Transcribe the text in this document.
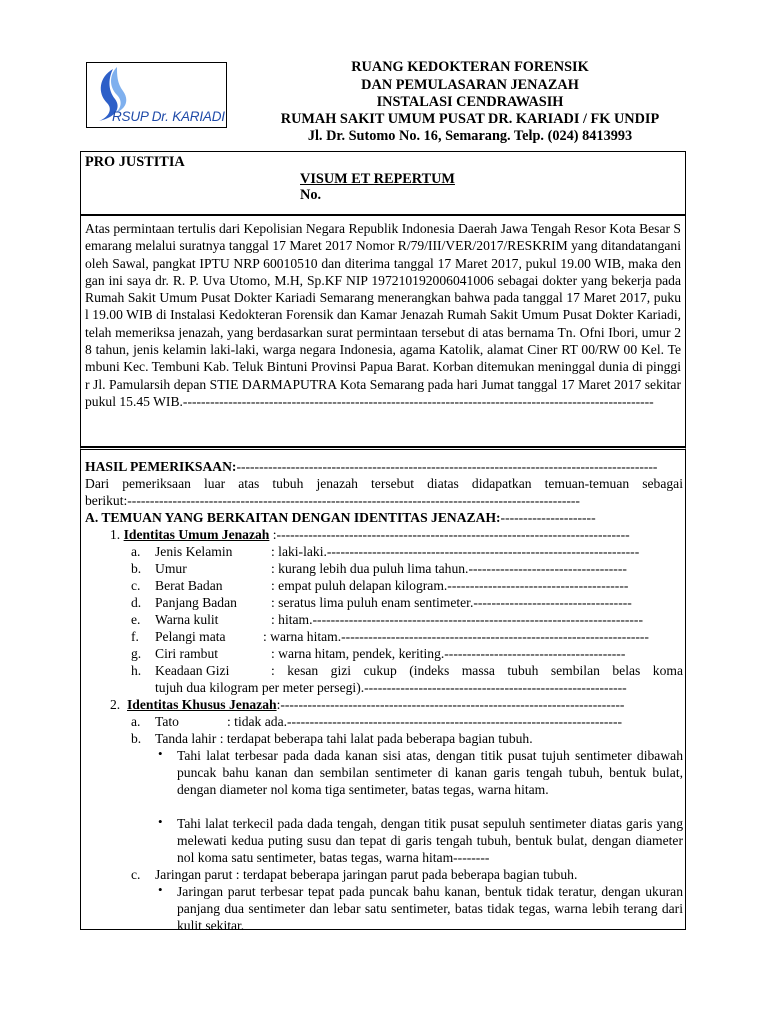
RSUP Dr. KARIADI
RUANG KEDOKTERAN FORENSIK
DAN PEMULASARAN JENAZAH
INSTALASI CENDRAWASIH
RUMAH SAKIT UMUM PUSAT DR. KARIADI / FK UNDIP
Jl. Dr. Sutomo No. 16, Semarang. Telp. (024) 8413993
PRO JUSTITIA
VISUM ET REPERTUM
No.
Atas permintaan tertulis dari Kepolisian Negara Republik Indonesia Daerah Jawa Tengah Resor Kota Besar Semarang melalui suratnya tanggal 17 Maret 2017 Nomor R/79/III/VER/2017/RESKRIM yang ditandatangani oleh Sawal, pangkat IPTU NRP 60010510 dan diterima tanggal 17 Maret 2017, pukul 19.00 WIB, maka dengan ini saya dr. R. P. Uva Utomo, M.H, Sp.KF NIP 197210192006041006 sebagai dokter yang bekerja pada Rumah Sakit Umum Pusat Dokter Kariadi Semarang menerangkan bahwa pada tanggal 17 Maret 2017, pukul 19.00 WIB di Instalasi Kedokteran Forensik dan Kamar Jenazah Rumah Sakit Umum Pusat Dokter Kariadi, telah memeriksa jenazah, yang berdasarkan surat permintaan tersebut di atas bernama Tn. Ofni Ibori, umur 28 tahun, jenis kelamin laki-laki, warga negara Indonesia, agama Katolik, alamat Ciner RT 00/RW 00 Kel. Tembuni Kec. Tembuni Kab. Teluk Bintuni Provinsi Papua Barat. Korban ditemukan meninggal dunia di pinggir Jl. Pamularsih depan STIE DARMAPUTRA Kota Semarang pada hari Jumat tanggal 17 Maret 2017 sekitar pukul 15.45 WIB.--------------------------------------------------------------------------------------------------------
HASIL PEMERIKSAAN:---------------------------------------------------------------------------------------------
Dari pemeriksaan luar atas tubuh jenazah tersebut diatas didapatkan temuan-temuan sebagai
berikut:----------------------------------------------------------------------------------------------------
A. TEMUAN YANG BERKAITAN DENGAN IDENTITAS JENAZAH:---------------------
1. Identitas Umum Jenazah :------------------------------------------------------------------------------
a. Jenis Kelamin	: laki-laki.---------------------------------------------------------------------

b. Umur	: kurang lebih dua puluh lima tahun.-----------------------------------

c. Berat Badan	: empat puluh delapan kilogram.----------------------------------------

d. Panjang Badan	: seratus lima puluh enam sentimeter.-----------------------------------

e. Warna kulit	: hitam.-------------------------------------------------------------------------

f. Pelangi mata	: warna hitam.--------------------------------------------------------------------

g. Ciri rambut	: warna hitam, pendek, keriting.----------------------------------------

h. Keadaan Gizi	: kesan gizi cukup (indeks massa tubuh sembilan belas koma

tujuh dua kilogram per meter persegi).----------------------------------------------------------
2. Identitas Khusus Jenazah:----------------------------------------------------------------------------
a. Tato	: tidak ada.--------------------------------------------------------------------------

b. Tanda lahir : terdapat beberapa tahi lalat pada beberapa bagian tubuh.

• Tahi lalat terbesar pada dada kanan sisi atas, dengan titik pusat tujuh sentimeter dibawah puncak bahu kanan dan sembilan sentimeter di kanan garis tengah tubuh, bentuk bulat, dengan diameter nol koma tiga sentimeter, batas tegas, warna hitam.
• Tahi lalat terkecil pada dada tengah, dengan titik pusat sepuluh sentimeter diatas garis yang melewati kedua puting susu dan tepat di garis tengah tubuh, bentuk bulat, dengan diameter nol koma satu sentimeter, batas tegas, warna hitam--------
c. Jaringan parut : terdapat beberapa jaringan parut pada beberapa bagian tubuh.

• Jaringan parut terbesar tepat pada puncak bahu kanan, bentuk tidak teratur, dengan ukuran panjang dua sentimeter dan lebar satu sentimeter, batas tidak tegas, warna lebih terang dari kulit sekitar.
